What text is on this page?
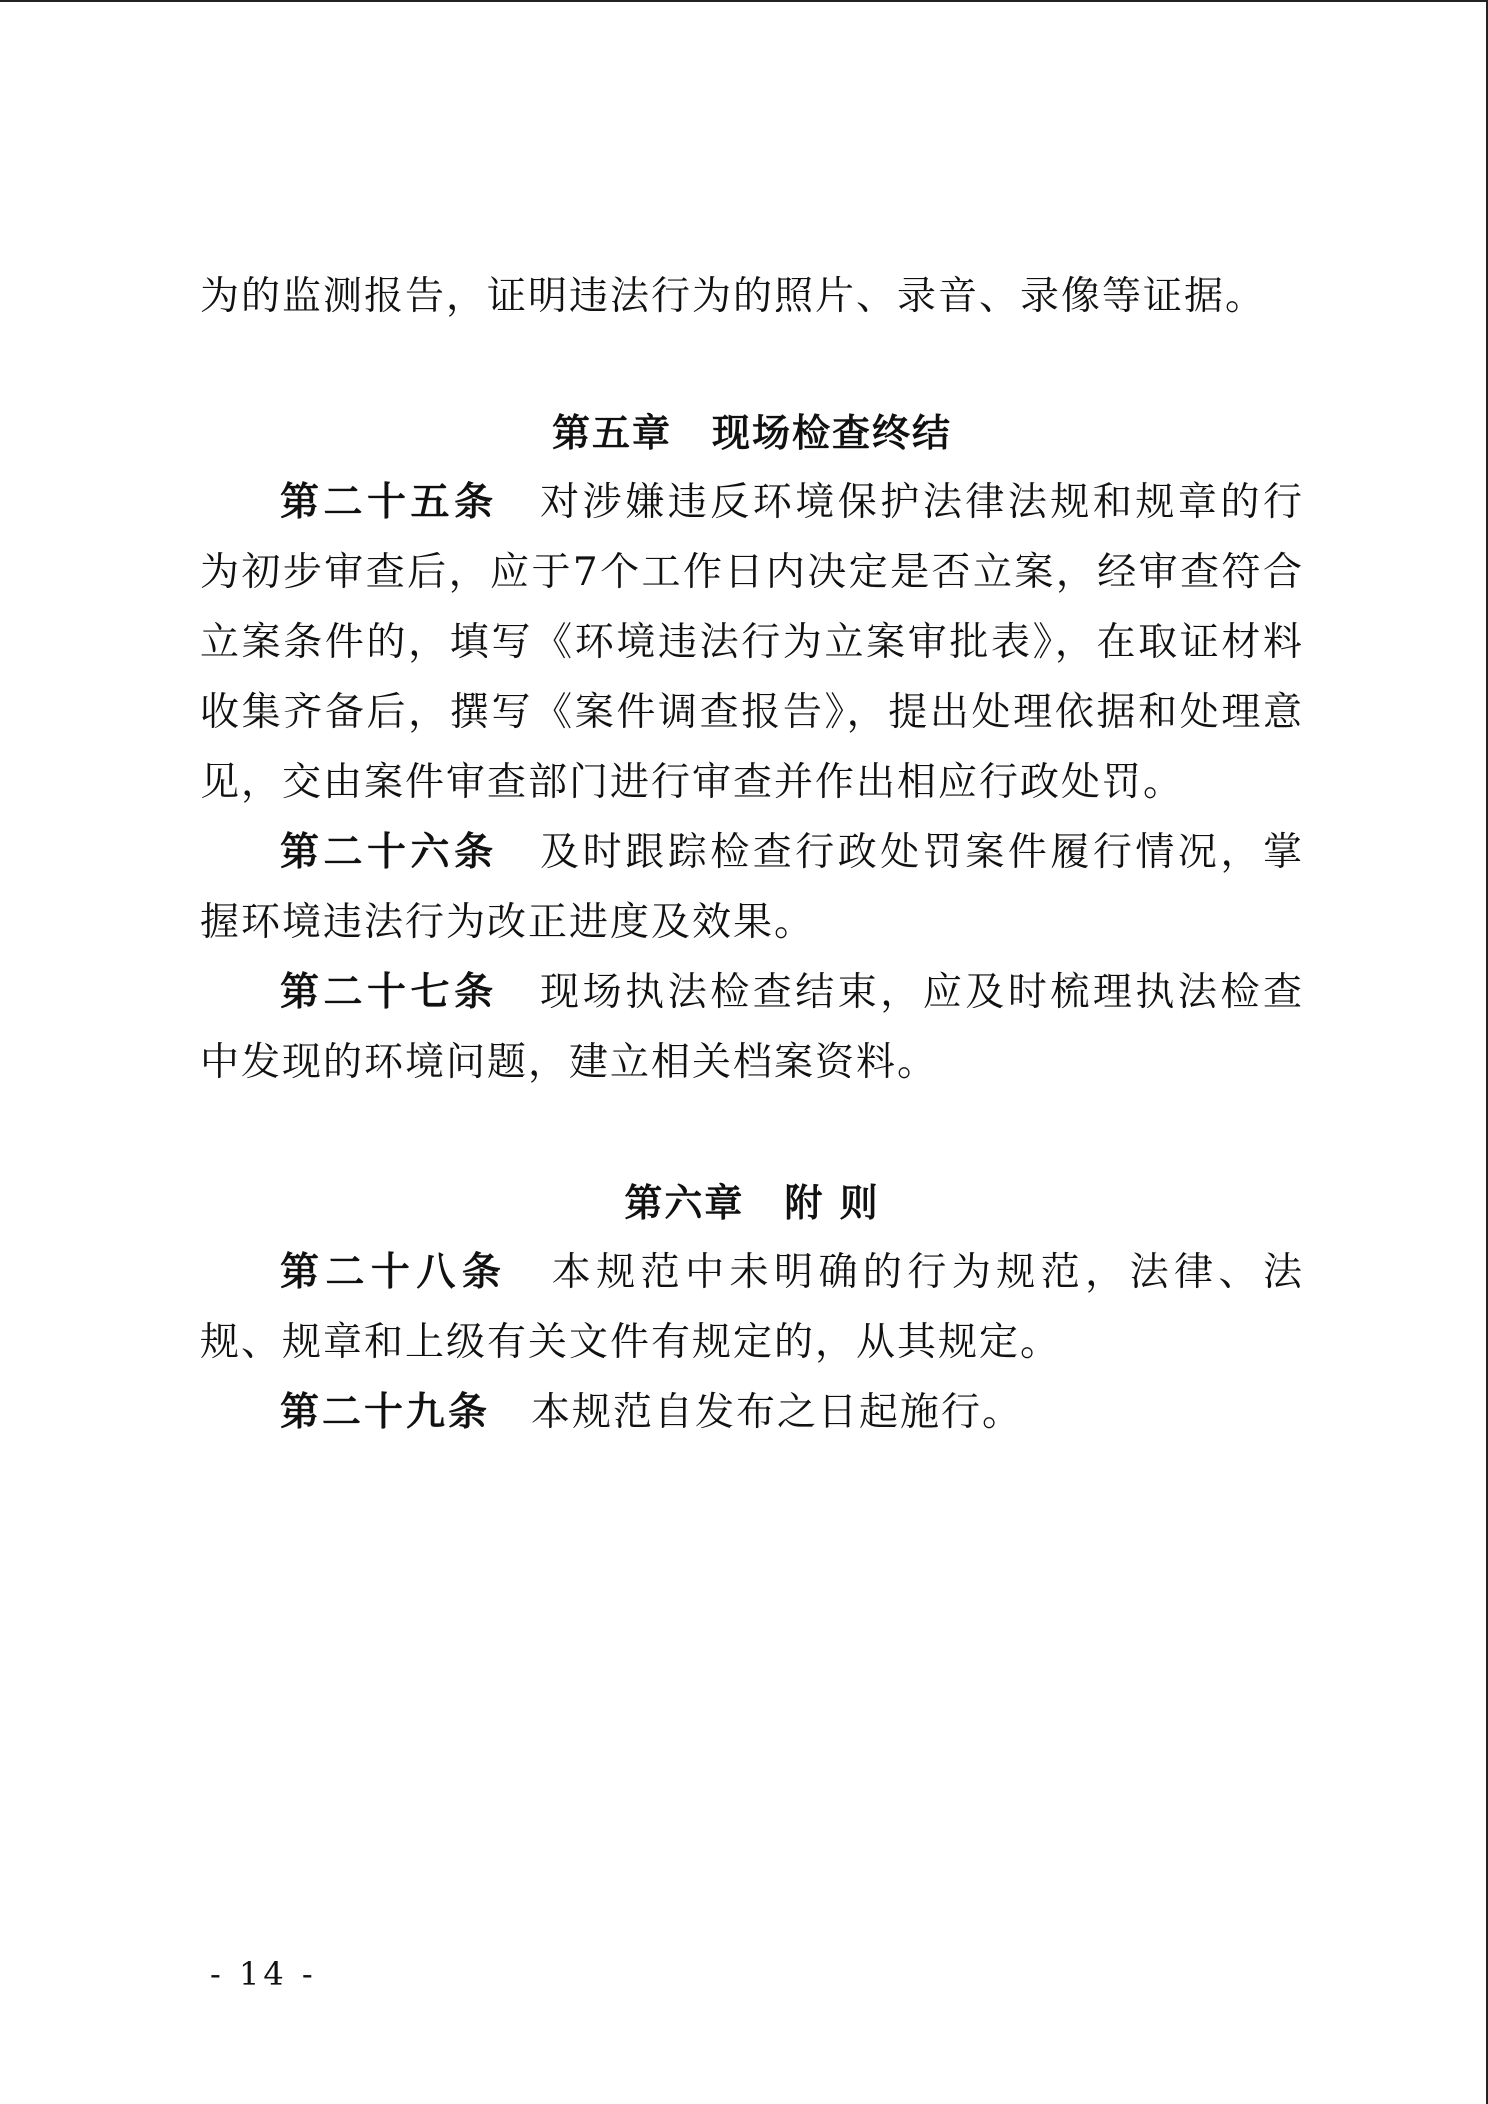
为的监测报告，证明违法行为的照片、录音、录像等证据。

第五章 现场检查终结

第二十五条  对涉嫌违反环境保护法律法规和规章的行为初步审查后，应于7个工作日内决定是否立案，经审查符合立案条件的，填写《环境违法行为立案审批表》，在取证材料收集齐备后，撰写《案件调查报告》，提出处理依据和处理意见，交由案件审查部门进行审查并作出相应行政处罚。

第二十六条  及时跟踪检查行政处罚案件履行情况，掌握环境违法行为改正进度及效果。

第二十七条  现场执法检查结束，应及时梳理执法检查中发现的环境问题，建立相关档案资料。

第六章 附 则

第二十八条  本规范中未明确的行为规范，法律、法规、规章和上级有关文件有规定的，从其规定。

第二十九条  本规范自发布之日起施行。

- 14 -
